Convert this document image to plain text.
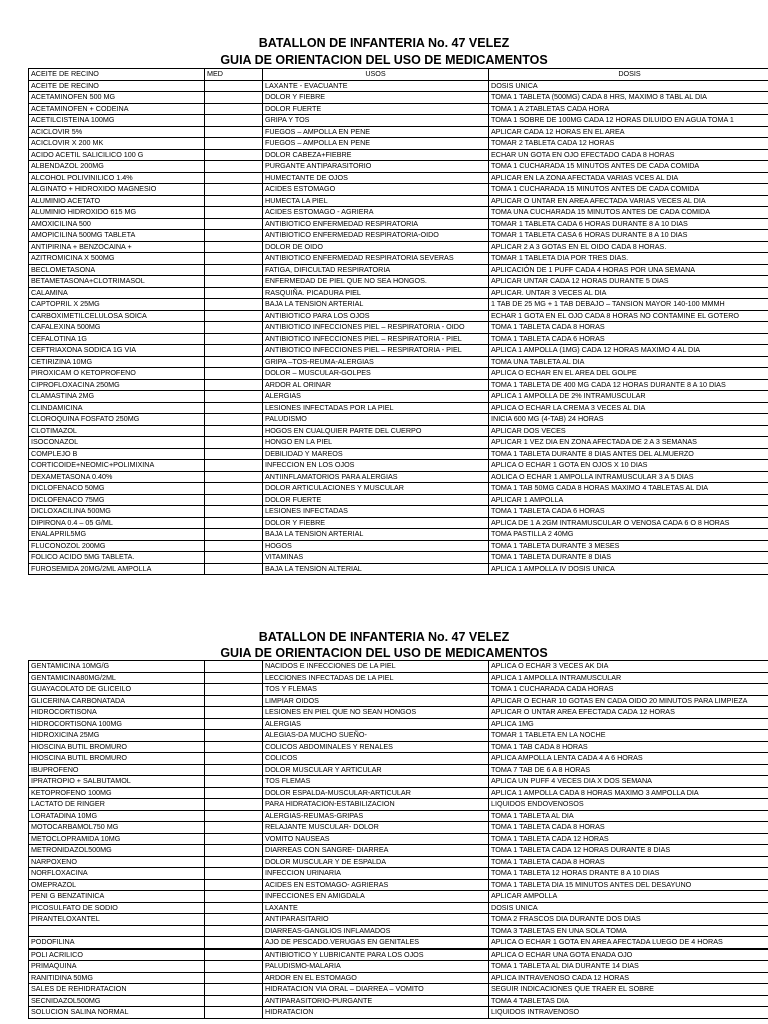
BATALLON DE INFANTERIA No. 47 VELEZ
GUIA DE ORIENTACION DEL USO DE MEDICAMENTOS
ACEITE DE RECINO	MED	USOS	DOSIS
ACEITE DE RECINO		LAXANTE - EVACUANTE	DOSIS UNICA
ACETAMINOFEN 500 MG		DOLOR Y FIEBRE	TOMA 1 TABLETA (500MG) CADA 8 HRS, MAXIMO 8 TABL AL DIA
ACETAMINOFEN + CODEINA		DOLOR FUERTE	TOMA 1 A 2TABLETAS CADA HORA
ACETILCISTEINA 100MG		GRIPA Y TOS	TOMA 1 SOBRE DE 100MG CADA 12 HORAS DILUIDO EN AGUA TOMA 1
ACICLOVIR 5%		FUEGOS – AMPOLLA EN PENE	APLICAR CADA 12 HORAS EN EL AREA
ACICLOVIR X 200 MK		FUEGOS – AMPOLLA EN PENE	TOMAR 2 TABLETA CADA 12 HORAS
ACIDO ACETIL SALICILICO 100 G		DOLOR CABEZA+FIEBRE	ECHAR UN GOTA EN OJO EFECTADO CADA 8 HORAS
ALBENDAZOL 200MG		PURGANTE ANTIPARASITORIO	TOMA 1 CUCHARADA 15 MINUTOS ANTES DE CADA COMIDA
ALCOHOL POLIVINILICO 1.4%		HUMECTANTE DE OJOS	APLICAR EN LA ZONA AFECTADA VARIAS VCES AL DIA
ALGINATO + HIDROXIDO MAGNESIO		ACIDES ESTOMAGO	TOMA 1 CUCHARADA 15 MINUTOS ANTES DE CADA COMIDA
ALUMINIO ACETATO		HUMECTA LA PIEL	APLICAR O UNTAR EN AREA AFECTADA VARIAS VECES AL DIA
ALUMINIO HIDROXIDO 615 MG		ACIDES ESTOMAGO - AGRIERA	TOMA UNA CUCHARADA 15 MINUTOS ANTES DE CADA COMIDA
AMOXICILINA 500		ANTIBIOTICO ENFERMEDAD RESPIRATORIA	TOMAR 1 TABLETA CADA 6 HORAS DURANTE 8 A 10 DIAS
AMOPICILINA 500MG TABLETA		ANTIBIOTICO ENFERMEDAD RESPIRATORIA-OIDO	TOMAR 1 TABLETA CASA 6 HORAS DURANTE 8 A 10 DIAS
ANTIPIRINA + BENZOCAINA +		DOLOR DE OIDO	APLICAR 2 A 3 GOTAS EN EL OIDO CADA 8 HORAS.
AZITROMICINA X 500MG		ANTIBIOTICO ENFERMEDAD RESPIRATORIA SEVERAS	TOMAR 1 TABLETA DIA POR TRES DIAS.
BECLOMETASONA		FATIGA, DIFICULTAD RESPIRATORIA	APLICACIÓN DE 1 PUFF CADA 4 HORAS POR UNA SEMANA
BETAMETASONA+CLOTRIMASOL		ENFERMEDAD DE PIEL QUE NO SEA HONGOS.	APLICAR UNTAR CADA 12 HORAS DURANTE 5 DIAS
CALAMINA		RASQUIÑA. PICADURA PIEL	APLICAR. UNTAR 3 VECES AL DIA
CAPTOPRIL X 25MG		BAJA LA TENSION ARTERIAL	1 TAB DE 25 MG + 1 TAB DEBAJO – TANSION MAYOR 140-100 MMMH
CARBOXIMETILCELULOSA SOICA		ANTIBIOTICO PARA LOS OJOS	ECHAR 1 GOTA EN EL OJO CADA 8 HORAS NO CONTAMINE EL GOTERO
CAFALEXINA 500MG		ANTIBIOTICO INFECCIONES PIEL – RESPIRATORIA - OIDO	TOMA 1 TABLETA CADA 8 HORAS
CEFALOTINA 1G		ANTIBIOTICO INFECCIONES PIEL – RESPIRATORIA - PIEL	TOMA 1 TABLETA CADA 6 HORAS
CEFTRIAXONA SODICA 1G VIA		ANTIBIOTICO INFECCIONES PIEL – RESPIRATORIA - PIEL	APLICA 1 AMPOLLA (1MG) CADA 12 HORAS MAXIMO 4 AL DIA
CETIRIZINA 10MG		GRIPA –TOS-REUMA-ALERGIAS	TOMA UNA TABLETA AL DIA
PIROXICAM O KETOPROFENO		DOLOR – MUSCULAR-GOLPES	APLICA O ECHAR EN EL AREA DEL GOLPE
CIPROFLOXACINA 250MG		ARDOR AL ORINAR	TOMA 1 TABLETA DE 400 MG CADA 12 HORAS DURANTE 8 A 10 DIAS
CLAMASTINA 2MG		ALERGIAS	APLICA 1 AMPOLLA DE 2% INTRAMUSCULAR
CLINDAMICINA		LESIONES INFECTADAS POR LA PIEL	APLICA O ECHAR LA CREMA 3 VECES AL DIA
CLOROQUINA FOSFATO 250MG		PALUDISMO	INICIA 600 MG (4-TAB) 24 HORAS
CLOTIMAZOL		HOGOS EN CUALQUIER PARTE DEL CUERPO	APLICAR DOS VECES
ISOCONAZOL		HONGO EN LA PIEL	APLICAR 1 VEZ DIA EN ZONA AFECTADA DE 2 A 3 SEMANAS
COMPLEJO B		DEBILIDAD Y MAREOS	TOMA 1 TABLETA DURANTE 8 DIAS ANTES DEL ALMUERZO
CORTICOIDE+NEOMIC+POLIMIXINA		INFECCION EN LOS OJOS	APLICA O ECHAR 1 GOTA EN OJOS X 10 DIAS
DEXAMETASONA 0.40%		ANTIINFLAMATORIOS PARA ALERGIAS	AOLICA O ECHAR 1 AMPOLLA INTRAMUSCULAR 3 A 5 DIAS
DICLOFENACO 50MG		DOLOR ARTICULACIONES Y MUSCULAR	TOMA 1 TAB 50MG CADA 8 HORAS MAXIMO 4 TABLETAS AL DIA
DICLOFENACO 75MG		DOLOR FUERTE	APLICAR 1 AMPOLLA
DICLOXACILINA 500MG		LESIONES INFECTADAS	TOMA 1 TABLETA CADA 6 HORAS
DIPIRONA 0.4 – 05 G/ML		DOLOR Y FIEBRE	APLICA DE 1 A 2GM INTRAMUSCULAR O VENOSA CADA 6 O 8 HORAS
ENALAPRIL5MG		BAJA LA TENSION ARTERIAL	TOMA PASTILLA 2 40MG
FLUCONOZOL 200MG		HOGOS	TOMA 1 TABLETA DURANTE 3 MESES
FOLICO ACIDO 5MG TABLETA.		VITAMINAS	TOMA 1 TABLETA DURANTE 8 DIAS
FUROSEMIDA 20MG/2ML AMPOLLA		BAJA LA TENSION ALTERIAL	APLICA 1 AMPOLLA IV DOSIS UNICA
BATALLON DE INFANTERIA No. 47 VELEZ
GUIA DE ORIENTACION DEL USO DE MEDICAMENTOS
GENTAMICINA 10MG/G		NACIDOS E INFECCIONES DE LA PIEL	APLICA O ECHAR 3 VECES AK DIA
GENTAMICINA80MG/2ML		LECCIONES INFECTADAS DE LA PIEL	APLICA 1 AMPOLLA INTRAMUSCULAR
GUAYACOLATO DE GLICEILO		TOS Y FLEMAS	TOMA 1 CUCHARADA CADA HORAS
GLICERINA CARBONATADA		LIMPIAR OIDOS	APLICAR O ECHAR 10 GOTAS EN CADA OIDO 20 MINUTOS PARA LIMPIEZA
HIDROCORTISONA		LESIONES EN PIEL QUE NO SEAN HONGOS	APLICAR O UNTAR AREA EFECTADA CADA 12 HORAS
HIDROCORTISONA 100MG		ALERGIAS	APLICA 1MG
HIDROXICINA 25MG		ALEGIAS-DA MUCHO SUEÑO-	TOMAR 1 TABLETA EN LA NOCHE
HIOSCINA BUTIL BROMURO		COLICOS ABDOMINALES Y RENALES	TOMA 1 TAB CADA 8 HORAS
HIOSCINA BUTIL BROMURO		COLICOS	APLICA AMPOLLA LENTA CADA 4 A 6 HORAS
IBUPROFENO		DOLOR MUSCULAR Y ARTICULAR	TOMA 7 TAB DE 6 A 8 HORAS
IPRATROPIO + SALBUTAMOL		TOS FLEMAS	APLICA UN PUFF 4 VECES DIA X DOS SEMANA
KETOPROFENO 100MG		DOLOR ESPALDA-MUSCULAR-ARTICULAR	APLICA 1 AMPOLLA CADA 8 HORAS MAXIMO 3 AMPOLLA DIA
LACTATO DE RINGER		PARA HIDRATACION-ESTABILIZACION	LIQUIDOS ENDOVENOSOS
LORATADINA 10MG		ALERGIAS-REUMAS-GRIPAS	TOMA 1 TABLETA AL DIA
MOTOCARBAMOL750 MG		RELAJANTE MUSCULAR- DOLOR	TOMA 1 TABLETA CADA 8 HORAS
METOCLOPRAMIDA 10MG		VOMITO NAUSEAS	TOMA 1 TABLETA CADA 12 HORAS
METRONIDAZOL500MG		DIARREAS CON SANGRE- DIARREA	TOMA 1 TABLETA CADA 12 HORAS DURANTE 8 DIAS
NARPOXENO		DOLOR MUSCULAR Y DE ESPALDA	TOMA 1 TABLETA CADA 8 HORAS
NORFLOXACINA		INFECCION URINARIA	TOMA 1 TABLETA 12 HORAS DRANTE 8 A 10 DIAS
OMEPRAZOL		ACIDES EN ESTOMAGO- AGRIERAS	TOMA 1 TABLETA DIA 15 MINUTOS ANTES DEL DESAYUNO
PENI G BENZATINICA		INFECCIONES EN AMIGDALA	APLICAR AMPOLLA
PICOSULFATO DE SODIO		LAXANTE	DOSIS UNICA
PIRANTELOXANTEL		ANTIPARASITARIO	TOMA 2 FRASCOS DIA DURANTE DOS DIAS
		DIARREAS-GANGLIOS INFLAMADOS	TOMA 3 TABLETAS EN UNA SOLA TOMA
PODOFILINA		AJO DE PESCADO.VERUGAS EN GENITALES	APLICA O ECHAR 1 GOTA EN AREA AFECTADA LUEGO DE 4 HORAS

POLI ACRILICO		ANTIBIOTICO Y LUBRICANTE PARA LOS OJOS	APLICA O ECHAR UNA GOTA ENADA OJO
PRIMAQUINA		PALUDISMO-MALARIA	TOMA 1 TABLETA AL DIA DURANTE 14 DIAS
RANITIDINA 50MG		ARDOR EN EL ESTOMAGO	APLICA INTRAVENOSO CADA 12 HORAS
SALES DE REHIDRATACION		HIDRATACION VIA ORAL – DIARREA – VOMITO	SEGUIR INDICACIONES QUE TRAER EL SOBRE
SECNIDAZOL500MG		ANTIPARASITORIO-PURGANTE	TOMA 4 TABLETAS DIA
SOLUCION SALINA NORMAL		HIDRATACION	LIQUIDOS INTRAVENOSO
